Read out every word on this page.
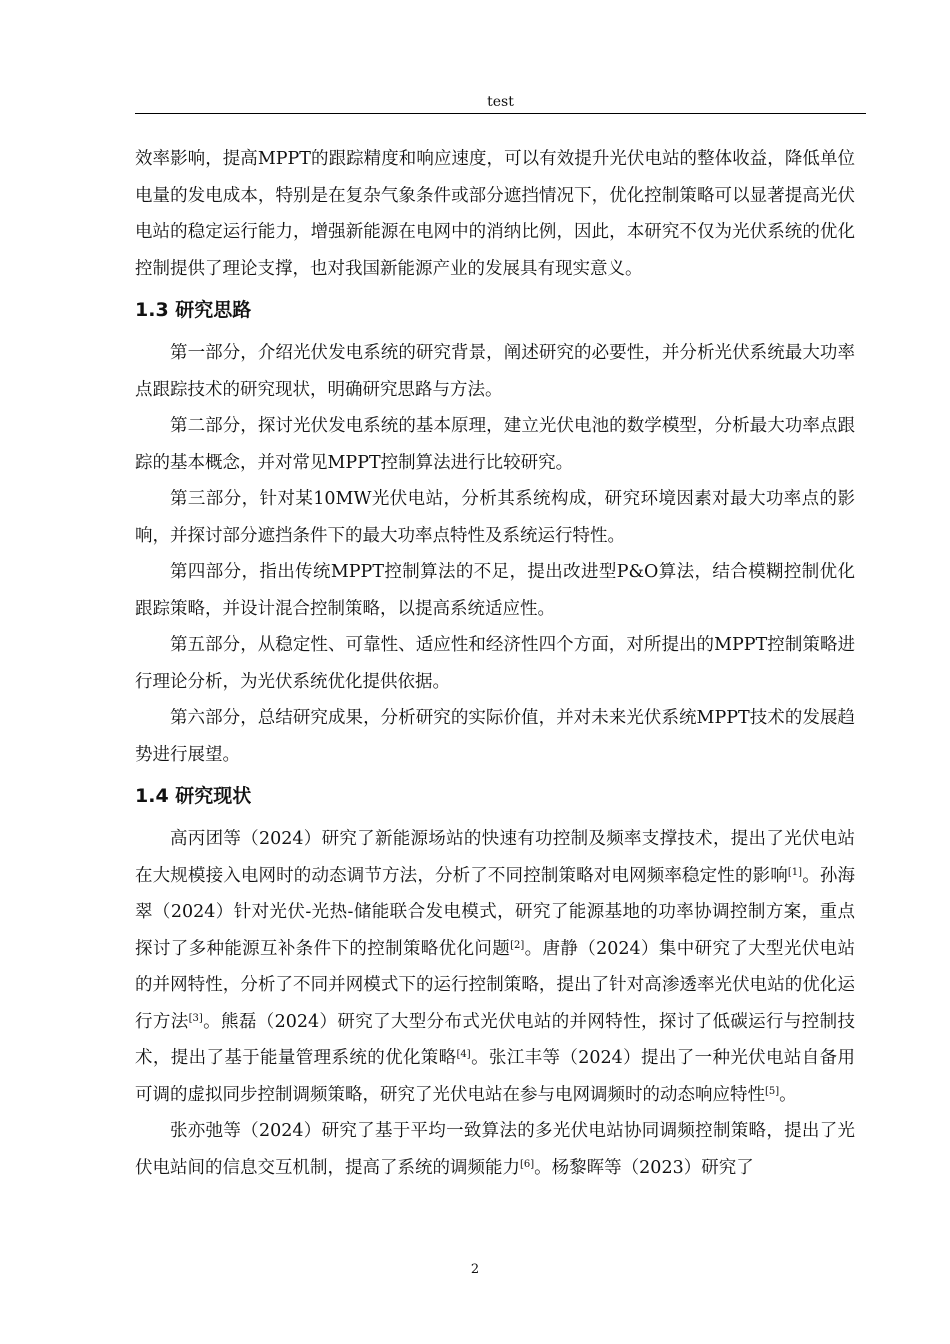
test

效率影响，提高MPPT的跟踪精度和响应速度，可以有效提升光伏电站的整体收益，降低单位电量的发电成本，特别是在复杂气象条件或部分遮挡情况下，优化控制策略可以显著提高光伏电站的稳定运行能力，增强新能源在电网中的消纳比例，因此，本研究不仅为光伏系统的优化控制提供了理论支撑，也对我国新能源产业的发展具有现实意义。

1.3 研究思路

第一部分，介绍光伏发电系统的研究背景，阐述研究的必要性，并分析光伏系统最大功率点跟踪技术的研究现状，明确研究思路与方法。

第二部分，探讨光伏发电系统的基本原理，建立光伏电池的数学模型，分析最大功率点跟踪的基本概念，并对常见MPPT控制算法进行比较研究。

第三部分，针对某10MW光伏电站，分析其系统构成，研究环境因素对最大功率点的影响，并探讨部分遮挡条件下的最大功率点特性及系统运行特性。

第四部分，指出传统MPPT控制算法的不足，提出改进型P&O算法，结合模糊控制优化跟踪策略，并设计混合控制策略，以提高系统适应性。

第五部分，从稳定性、可靠性、适应性和经济性四个方面，对所提出的MPPT控制策略进行理论分析，为光伏系统优化提供依据。

第六部分，总结研究成果，分析研究的实际价值，并对未来光伏系统MPPT技术的发展趋势进行展望。

1.4 研究现状

高丙团等（2024）研究了新能源场站的快速有功控制及频率支撑技术，提出了光伏电站在大规模接入电网时的动态调节方法，分析了不同控制策略对电网频率稳定性的影响[1]。孙海翠（2024）针对光伏-光热-储能联合发电模式，研究了能源基地的功率协调控制方案，重点探讨了多种能源互补条件下的控制策略优化问题[2]。唐静（2024）集中研究了大型光伏电站的并网特性，分析了不同并网模式下的运行控制策略，提出了针对高渗透率光伏电站的优化运行方法[3]。熊磊（2024）研究了大型分布式光伏电站的并网特性，探讨了低碳运行与控制技术，提出了基于能量管理系统的优化策略[4]。张江丰等（2024）提出了一种光伏电站自备用可调的虚拟同步控制调频策略，研究了光伏电站在参与电网调频时的动态响应特性[5]。

张亦弛等（2024）研究了基于平均一致算法的多光伏电站协同调频控制策略，提出了光伏电站间的信息交互机制，提高了系统的调频能力[6]。杨黎晖等（2023）研究了

2
